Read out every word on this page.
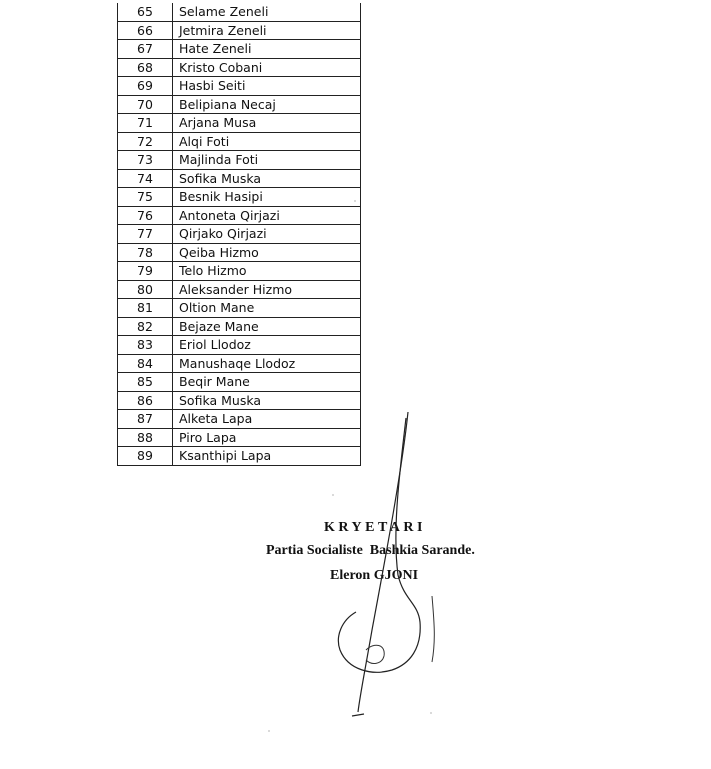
65	Selame Zeneli
66	Jetmira Zeneli
67	Hate Zeneli
68	Kristo Cobani
69	Hasbi Seiti
70	Belipiana Necaj
71	Arjana Musa
72	Alqi Foti
73	Majlinda Foti
74	Sofika Muska
75	Besnik Hasipi
76	Antoneta Qirjazi
77	Qirjako Qirjazi
78	Qeiba Hizmo
79	Telo Hizmo
80	Aleksander Hizmo
81	Oltion Mane
82	Bejaze Mane
83	Eriol Llodoz
84	Manushaqe Llodoz
85	Beqir Mane
86	Sofika Muska
87	Alketa Lapa
88	Piro Lapa
89	Ksanthipi Lapa
KRYETARI
Partia Socialiste  Bashkia Sarande.
Eleron GJONI
